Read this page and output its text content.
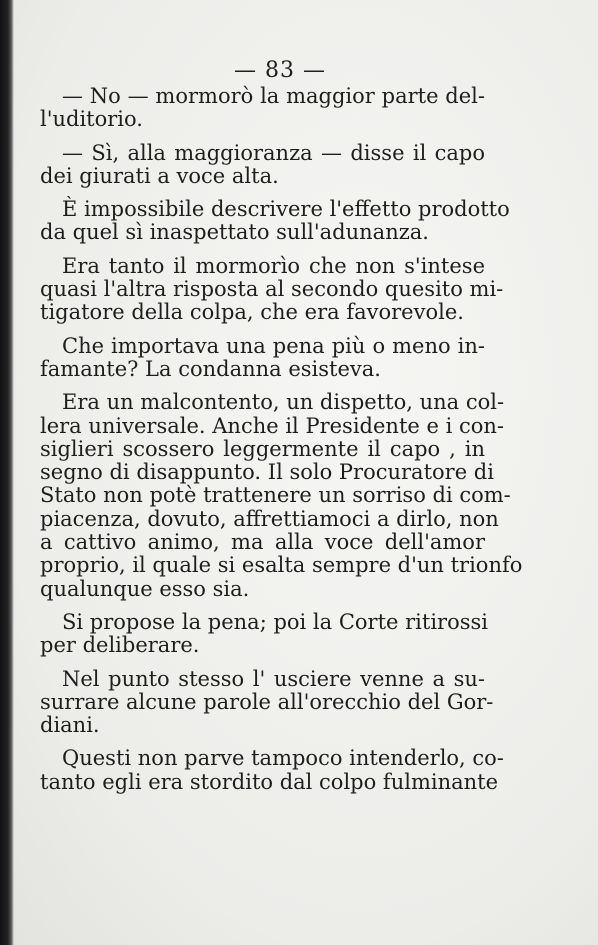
— 83 —

— No — mormorò la maggior parte del-
l'uditorio.

— Sì, alla maggioranza — disse il capo
dei giurati a voce alta.

È impossibile descrivere l'effetto prodotto
da quel sì inaspettato sull'adunanza.

Era tanto il mormorìo che non s'intese
quasi l'altra risposta al secondo quesito mi-
tigatore della colpa, che era favorevole.

Che importava una pena più o meno in-
famante? La condanna esisteva.

Era un malcontento, un dispetto, una col-
lera universale. Anche il Presidente e i con-
siglieri scossero leggermente il capo , in
segno di disappunto. Il solo Procuratore di
Stato non potè trattenere un sorriso di com-
piacenza, dovuto, affrettiamoci a dirlo, non
a cattivo animo, ma alla voce dell'amor
proprio, il quale si esalta sempre d'un trionfo
qualunque esso sia.

Si propose la pena; poi la Corte ritirossi
per deliberare.

Nel punto stesso l' usciere venne a su-
surrare alcune parole all'orecchio del Gor-
diani.

Questi non parve tampoco intenderlo, co-
tanto egli era stordito dal colpo fulminante
